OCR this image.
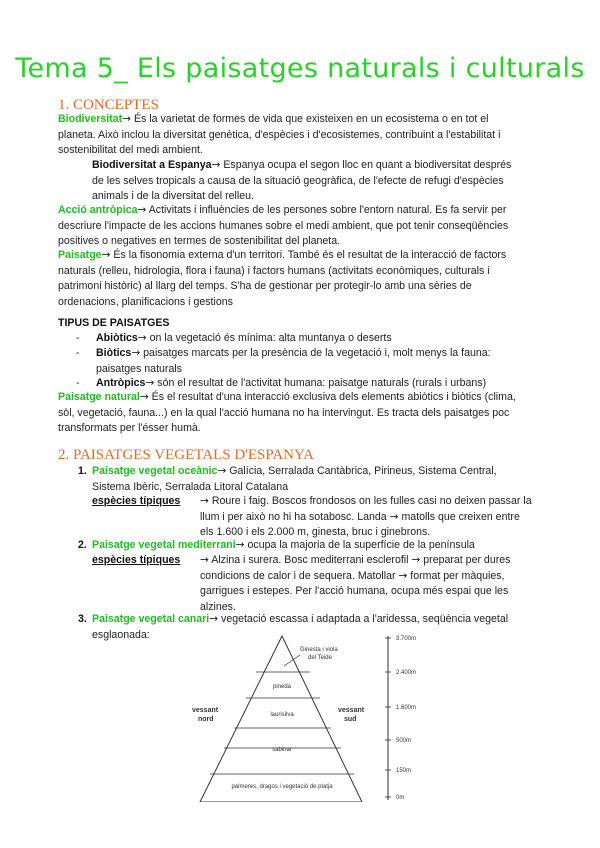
Tema 5_ Els paisatges naturals i culturals
1. CONCEPTES
Biodiversitat→ És la varietat de formes de vida que existeixen en un ecosistema o en tot el
planeta. Això inclou la diversitat genètica, d'espècies i d'ecosistemes, contribuint a l'estabilitat i
sostenibilitat del medi ambient.
Biodiversitat a Espanya→ Espanya ocupa el segon lloc en quant a biodiversitat després
de les selves tropicals a causa de la situació geogràfica, de l'efecte de refugi d'espècies
animals i de la diversitat del relleu.
Acció antròpica→ Activitats i influències de les persones sobre l'entorn natural. Es fa servir per
descriure l'impacte de les accions humanes sobre el medi ambient, que pot tenir conseqüències
positives o negatives en termes de sostenibilitat del planeta.
Paisatge→ És la fisonomia externa d'un territori. També és el resultat de la interacció de factors
naturals (relleu, hidrologia, flora i fauna) i factors humans (activitats econòmiques, culturals i
patrimoni històric) al llarg del temps. S'ha de gestionar per protegir-lo amb una sèries de
ordenacions, planificacions i gestions
TIPUS DE PAISATGES
- Abiòtics→ on la vegetació és mínima: alta muntanya o deserts
- Biòtics→ paisatges marcats per la presència de la vegetació i, molt menys la fauna:
paisatges naturals
- Antròpics→ són el resultat de l'activitat humana: paisatge naturals (rurals i urbans)
Paisatge natural→ És el resultat d'una interacció exclusiva dels elements abiòtics i biòtics (clima,
sòl, vegetació, fauna...) en la qual l'acció humana no ha intervingut. Es tracta dels paisatges poc
transformats per l'ésser humà.
2. PAISATGES VEGETALS D'ESPANYA
1. Paisatge vegetal oceànic→ Galícia, Serralada Cantàbrica, Pirineus, Sistema Central,
Sistema Ibèric, Serralada Litoral Catalana
espècies típiques → Roure i faig. Boscos frondosos on les fulles casi no deixen passar la
llum i per això no hi ha sotabosc. Landa → matolls que creixen entre
els 1.600 i els 2.000 m, ginesta, bruc i ginebrons.
2. Paisatge vegetal mediterrani→ ocupa la majoria de la superfície de la península
espècies típiques → Alzina i surera. Bosc mediterrani esclerofil → preparat per dures
condicions de calor i de sequera. Matollar → format per màquies,
garrigues i estepes. Per l'acció humana, ocupa més espai que les
alzines.
3. Paisatge vegetal canari→ vegetació escassa i adaptada a l'aridessa, seqüència vegetal
esglaonada:
Ginesta i viola
del Teide
pineda
laurisilva
sabinar
palmeres, dragos i vegetació de platja
vessant
nord
vessant
sud
3.700m
2.400m
1.600m
500m
150m
0m
